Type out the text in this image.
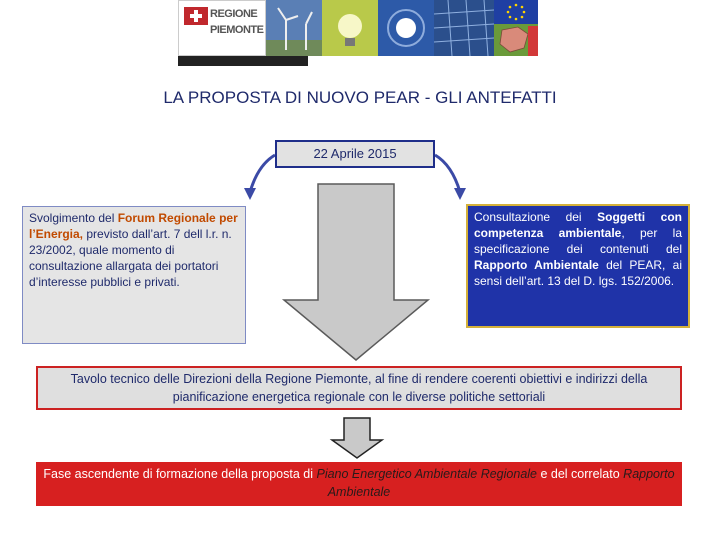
REGIONE
PIEMONTE
LA PROPOSTA DI NUOVO PEAR - GLI ANTEFATTI
22 Aprile 2015
Svolgimento del Forum Regionale per l’Energia, previsto dall’art. 7 dell l.r. n. 23/2002, quale momento di consultazione allargata dei portatori d’interesse pubblici e privati.
Consultazione dei Soggetti con competenza ambientale, per la specificazione dei contenuti del Rapporto Ambientale del PEAR, ai sensi dell’art. 13 del D. lgs. 152/2006.
Tavolo tecnico delle Direzioni della Regione Piemonte, al fine di rendere coerenti obiettivi e indirizzi della pianificazione energetica regionale con le diverse politiche settoriali
Fase ascendente di formazione della proposta di Piano Energetico Ambientale Regionale e del correlato Rapporto Ambientale
